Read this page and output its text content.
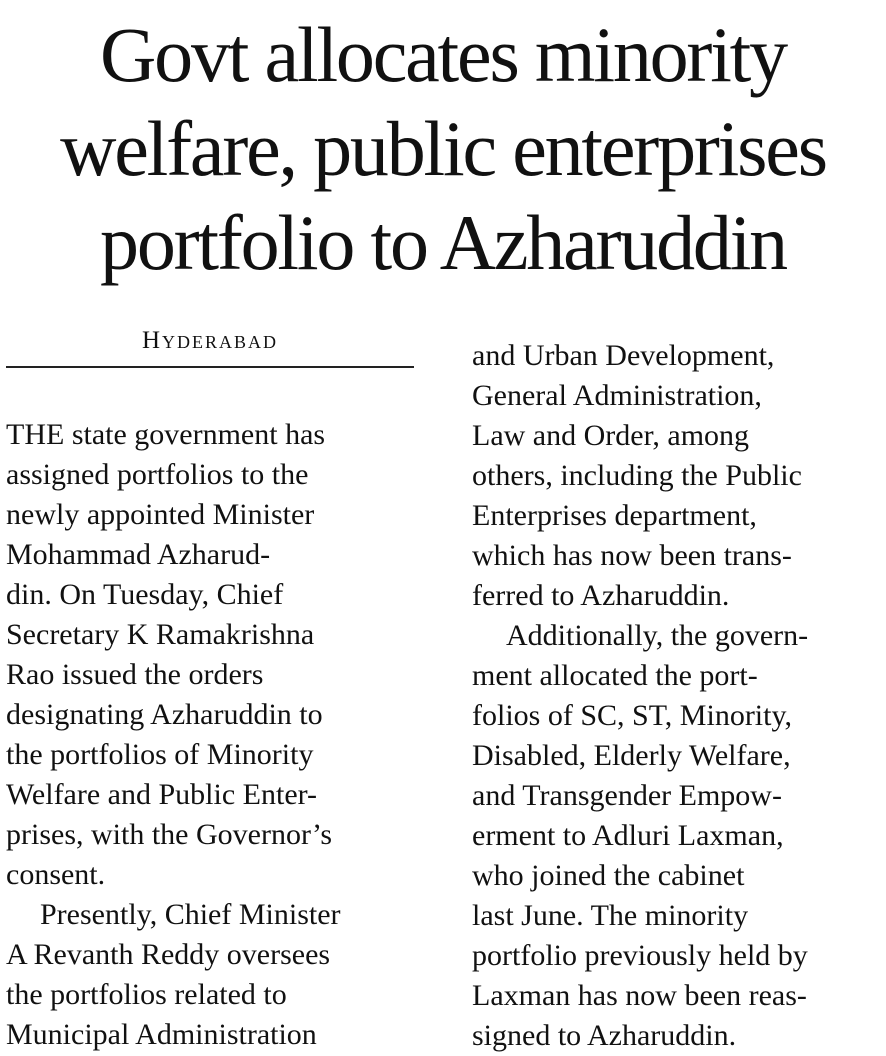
Govt allocates minority
welfare, public enterprises
portfolio to Azharuddin
Hyderabad
THE state government has
assigned portfolios to the
newly appointed Minister
Mohammad Azharud-
din. On Tuesday, Chief
Secretary K Ramakrishna
Rao issued the orders
designating Azharuddin to
the portfolios of Minority
Welfare and Public Enter-
prises, with the Governor’s
consent.
Presently, Chief Minister
A Revanth Reddy oversees
the portfolios related to
Municipal Administration
and Urban Development,
General Administration,
Law and Order, among
others, including the Public
Enterprises department,
which has now been trans-
ferred to Azharuddin.
Additionally, the govern-
ment allocated the port-
folios of SC, ST, Minority,
Disabled, Elderly Welfare,
and Transgender Empow-
erment to Adluri Laxman,
who joined the cabinet
last June. The minority
portfolio previously held by
Laxman has now been reas-
signed to Azharuddin.
